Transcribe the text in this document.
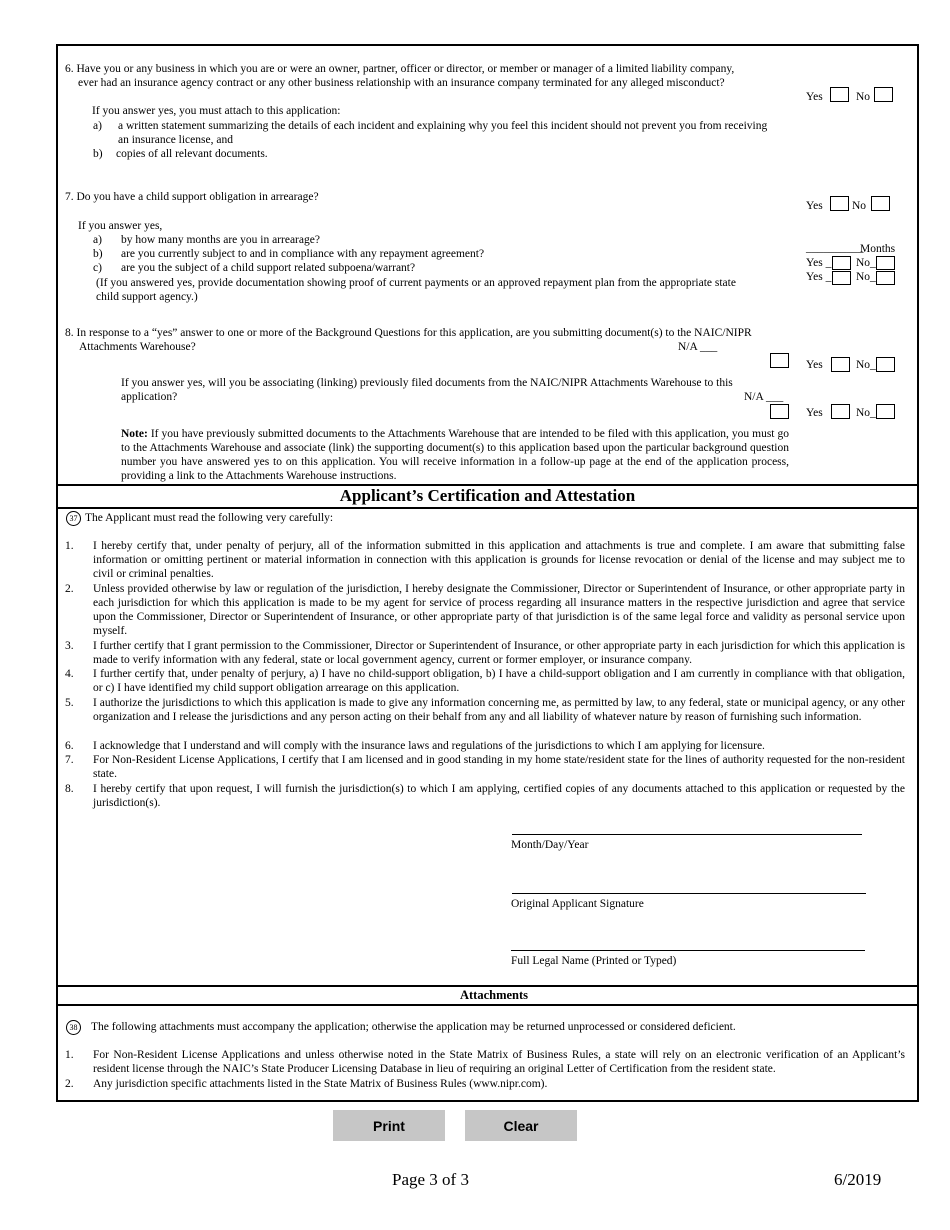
6. Have you or any business in which you are or were an owner, partner, officer or director, or member or manager of a limited liability company,
ever had an insurance agency contract or any other business relationship with an insurance company terminated for any alleged misconduct?
Yes	No
If you answer yes, you must attach to this application:
a) a written statement summarizing the details of each incident and explaining why you feel this incident should not prevent you from receiving an insurance license, and
b) copies of all relevant documents.
7. Do you have a child support obligation in arrearage?
Yes	No
If you answer yes,
a) by how many months are you in arrearage?
b) are you currently subject to and in compliance with any repayment agreement?
c) are you the subject of a child support related subpoena/warrant?
(If you answered yes, provide documentation showing proof of current payments or an approved repayment plan from the appropriate state
child support agency.)
__________
Months
Yes _ No_
Yes _ No_
8. In response to a “yes” answer to one or more of the Background Questions for this application, are you submitting document(s) to the NAIC/NIPR
Attachments Warehouse?	N/A ___
Yes	No_
If you answer yes, will you be associating (linking) previously filed documents from the NAIC/NIPR Attachments Warehouse to this
application?	N/A ___
Yes	No_
Note: If you have previously submitted documents to the Attachments Warehouse that are intended to be filed with this application, you must go to the Attachments Warehouse and associate (link) the supporting document(s) to this application based upon the particular background question number you have answered yes to on this application. You will receive information in a follow-up page at the end of the application process, providing a link to the Attachments Warehouse instructions.
Applicant’s Certification and Attestation
37 The Applicant must read the following very carefully:
1. I hereby certify that, under penalty of perjury, all of the information submitted in this application and attachments is true and complete. I am aware that submitting false information or omitting pertinent or material information in connection with this application is grounds for license revocation or denial of the license and may subject me to civil or criminal penalties.
2. Unless provided otherwise by law or regulation of the jurisdiction, I hereby designate the Commissioner, Director or Superintendent of Insurance, or other appropriate party in each jurisdiction for which this application is made to be my agent for service of process regarding all insurance matters in the respective jurisdiction and agree that service upon the Commissioner, Director or Superintendent of Insurance, or other appropriate party of that jurisdiction is of the same legal force and validity as personal service upon myself.
3. I further certify that I grant permission to the Commissioner, Director or Superintendent of Insurance, or other appropriate party in each jurisdiction for which this application is made to verify information with any federal, state or local government agency, current or former employer, or insurance company.
4. I further certify that, under penalty of perjury, a) I have no child-support obligation, b) I have a child-support obligation and I am currently in compliance with that obligation, or c) I have identified my child support obligation arrearage on this application.
5. I authorize the jurisdictions to which this application is made to give any information concerning me, as permitted by law, to any federal, state or municipal agency, or any other organization and I release the jurisdictions and any person acting on their behalf from any and all liability of whatever nature by reason of furnishing such information.
6. I acknowledge that I understand and will comply with the insurance laws and regulations of the jurisdictions to which I am applying for licensure.
7. For Non-Resident License Applications, I certify that I am licensed and in good standing in my home state/resident state for the lines of authority requested for the non-resident state.
8. I hereby certify that upon request, I will furnish the jurisdiction(s) to which I am applying, certified copies of any documents attached to this application or requested by the jurisdiction(s).
Month/Day/Year
Original Applicant Signature
Full Legal Name (Printed or Typed)
Attachments
38 The following attachments must accompany the application; otherwise the application may be returned unprocessed or considered deficient.
1. For Non-Resident License Applications and unless otherwise noted in the State Matrix of Business Rules, a state will rely on an electronic verification of an Applicant’s resident license through the NAIC’s State Producer Licensing Database in lieu of requiring an original Letter of Certification from the resident state.
2. Any jurisdiction specific attachments listed in the State Matrix of Business Rules (www.nipr.com).
Print	Clear
Page 3 of 3	6/2019
